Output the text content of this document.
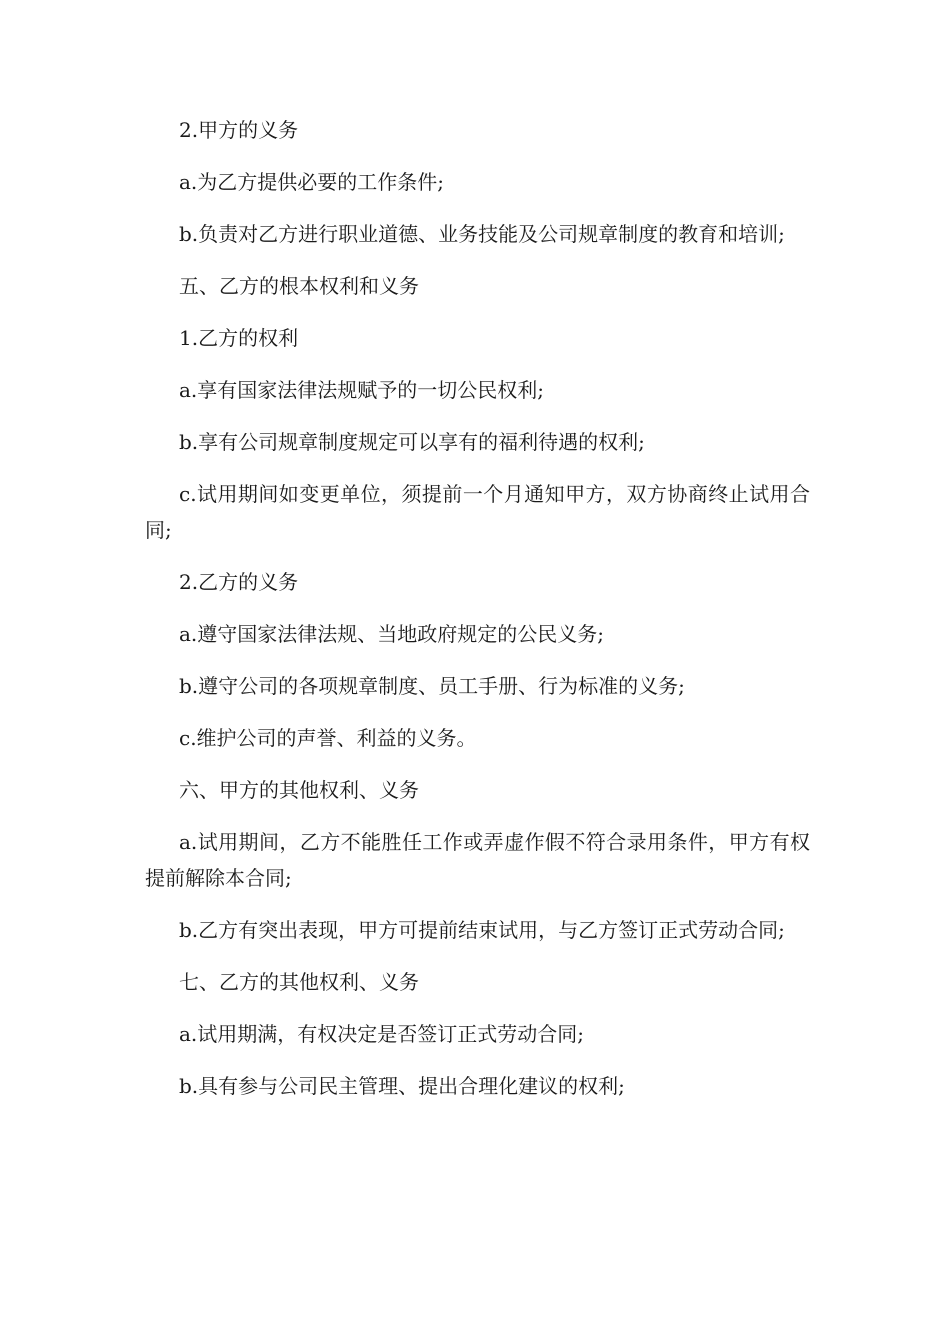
2.甲方的义务

a.为乙方提供必要的工作条件;

b.负责对乙方进行职业道德、业务技能及公司规章制度的教育和培训;

五、乙方的根本权利和义务

1.乙方的权利

a.享有国家法律法规赋予的一切公民权利;

b.享有公司规章制度规定可以享有的福利待遇的权利;

c.试用期间如变更单位，须提前一个月通知甲方，双方协商终止试用合同;

2.乙方的义务

a.遵守国家法律法规、当地政府规定的公民义务;

b.遵守公司的各项规章制度、员工手册、行为标准的义务;

c.维护公司的声誉、利益的义务。

六、甲方的其他权利、义务

a.试用期间，乙方不能胜任工作或弄虚作假不符合录用条件，甲方有权提前解除本合同;

b.乙方有突出表现，甲方可提前结束试用，与乙方签订正式劳动合同;

七、乙方的其他权利、义务

a.试用期满，有权决定是否签订正式劳动合同;

b.具有参与公司民主管理、提出合理化建议的权利;
